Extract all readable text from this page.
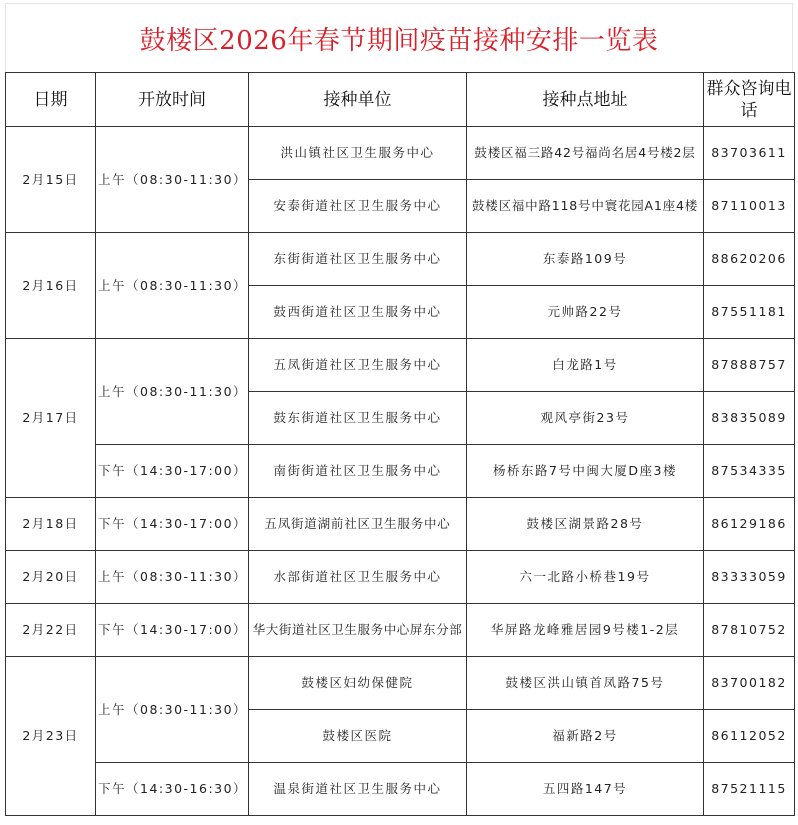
鼓楼区2026年春节期间疫苗接种安排一览表
日期	开放时间	接种单位	接种点地址	群众咨询电话
2月15日	上午（08:30-11:30）	洪山镇社区卫生服务中心	鼓楼区福三路42号福尚名居4号楼2层	83703611
		安泰街道社区卫生服务中心	鼓楼区福中路118号中寰花园A1座4楼	87110013
2月16日	上午（08:30-11:30）	东街街道社区卫生服务中心	东泰路109号	88620206
		鼓西街道社区卫生服务中心	元帅路22号	87551181
2月17日	上午（08:30-11:30）	五凤街道社区卫生服务中心	白龙路1号	87888757
		鼓东街道社区卫生服务中心	观风亭街23号	83835089
	下午（14:30-17:00）	南街街道社区卫生服务中心	杨桥东路7号中闽大厦D座3楼	87534335
2月18日	下午（14:30-17:00）	五凤街道湖前社区卫生服务中心	鼓楼区湖景路28号	86129186
2月20日	上午（08:30-11:30）	水部街道社区卫生服务中心	六一北路小桥巷19号	83333059
2月22日	下午（14:30-17:00）	华大街道社区卫生服务中心屏东分部	华屏路龙峰雅居园9号楼1-2层	87810752
2月23日	上午（08:30-11:30）	鼓楼区妇幼保健院	鼓楼区洪山镇首凤路75号	83700182
		鼓楼区医院	福新路2号	86112052
	下午（14:30-16:30）	温泉街道社区卫生服务中心	五四路147号	87521115
